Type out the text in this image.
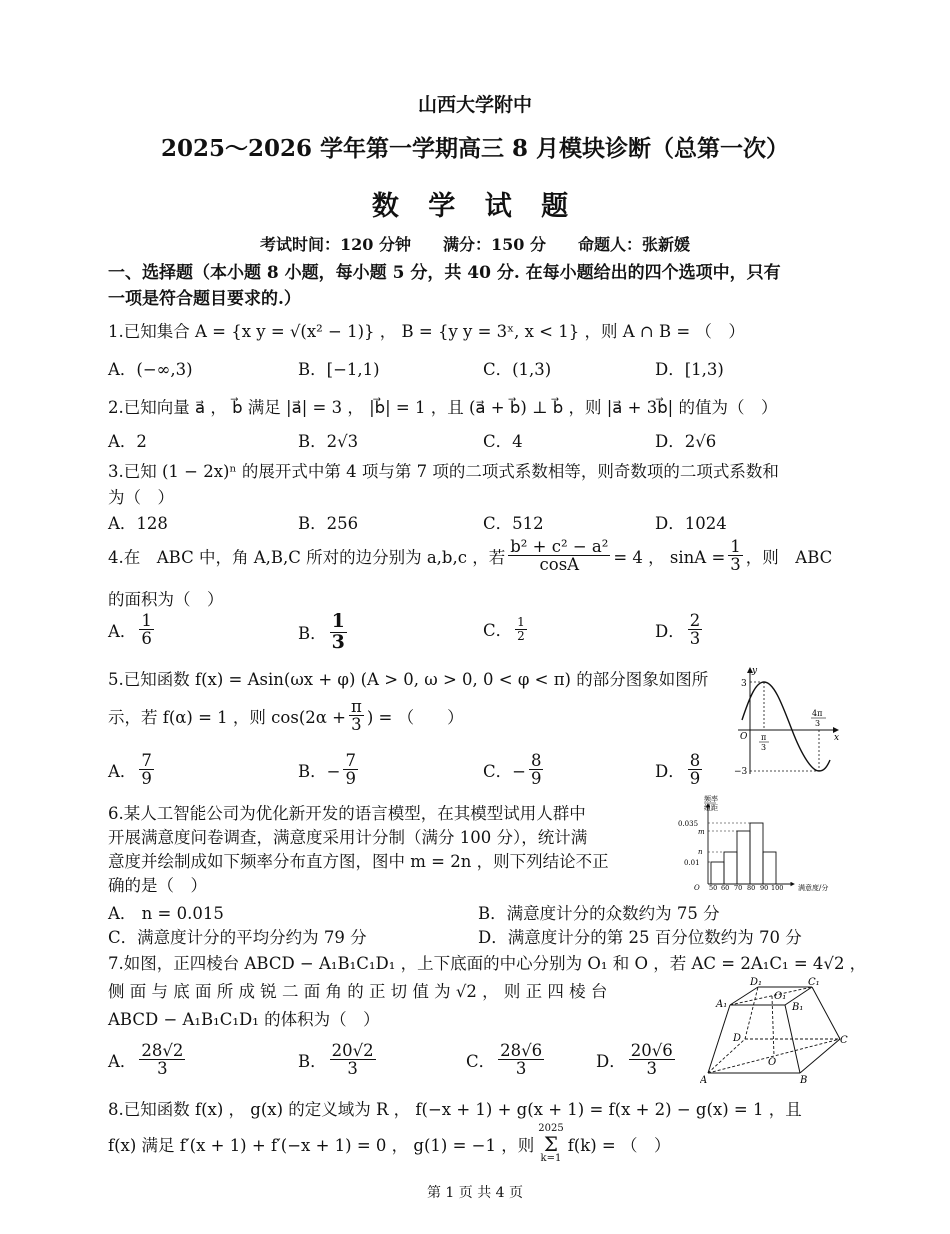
山西大学附中
2025～2026 学年第一学期高三 8 月模块诊断（总第一次）
数 学 试 题
考试时间：120 分钟　　满分：150 分　　命题人：张新媛
一、选择题（本小题 8 小题，每小题 5 分，共 40 分. 在每小题给出的四个选项中，只有
一项是符合题目要求的.）
1.已知集合 A = {x y = √(x² − 1)} ， B = {y y = 3ˣ, x < 1} ，则 A ∩ B = （　）
A．(−∞,3)	B．[−1,1)	C．(1,3)	D．[1,3)
2.已知向量 a⃗ ， b⃗ 满足 |a⃗| = 3 ， |b⃗| = 1 ，且 (a⃗ + b⃗) ⊥ b⃗ ，则 |a⃗ + 3b⃗| 的值为（　）
A．2	B．2√3	C．4	D．2√6
3.已知 (1 − 2x)ⁿ 的展开式中第 4 项与第 7 项的二项式系数相等，则奇数项的二项式系数和
为（　）
A．128	B．256	C．512	D．1024
4.在　ABC 中，角 A,B,C 所对的边分别为 a,b,c ，若 $\frac{\text{b² + c² − a²}}{\cos A} = 4$ ， $\sin A = \frac{1}{3}$ ，则　ABC
的面积为（　）
A． $\frac{1}{6}$	B． $\frac{1}{3}$	C． $\frac{1}{2}$	D． $\frac{2}{3}$
5.已知函数 f(x) = Asin(ωx + φ) (A > 0, ω > 0, 0 < φ < π) 的部分图象如图所
示，若 f(α) = 1 ，则 $\cos(2\alpha + \frac{\pi}{3}$ ) = （　　）
A． $\frac{7}{9}$	B．− $\frac{7}{9}$	C．− $\frac{8}{9}$	D． $\frac{8}{9}$
y
x
O
3
−3
π
3
4π
3
6.某人工智能公司为优化新开发的语言模型，在其模型试用人群中
开展满意度问卷调查，满意度采用计分制（满分 100 分），统计满
意度并绘制成如下频率分布直方图，图中 m = 2n ，则下列结论不正
确的是（　）
A． n = 0.015	B．满意度计分的众数约为 75 分
C．满意度计分的平均分约为 79 分	D．满意度计分的第 25 百分位数约为 70 分
频率
组距
0.035
m
n
0.01
O 50 60 70 80 90 100 满意度/分
7.如图，正四棱台 ABCD − A₁B₁C₁D₁ ，上下底面的中心分别为 O₁ 和 O ，若 AC = 2A₁C₁ = 4√2 ，
侧 面 与 底 面 所 成 锐 二 面 角 的 正 切 值 为 √2 ， 则 正 四 棱 台
ABCD − A₁B₁C₁D₁ 的体积为（　）
A． $\frac{28√2}{3}$	B． $\frac{20√2}{3}$	C． $\frac{28√6}{3}$	D． $\frac{20√6}{3}$
A	B
C
D
A₁	B₁
C₁
D₁
O
O₁
8.已知函数 f(x) ， g(x) 的定义域为 R ， f(−x + 1) + g(x + 1) = f(x + 2) − g(x) = 1 ，且
f(x) 满足 f′(x + 1) + f′(−x + 1) = 0 ， g(1) = −1 ，则
2025
Σ
k=1
f(k) = （　）
第 1 页 共 4 页
